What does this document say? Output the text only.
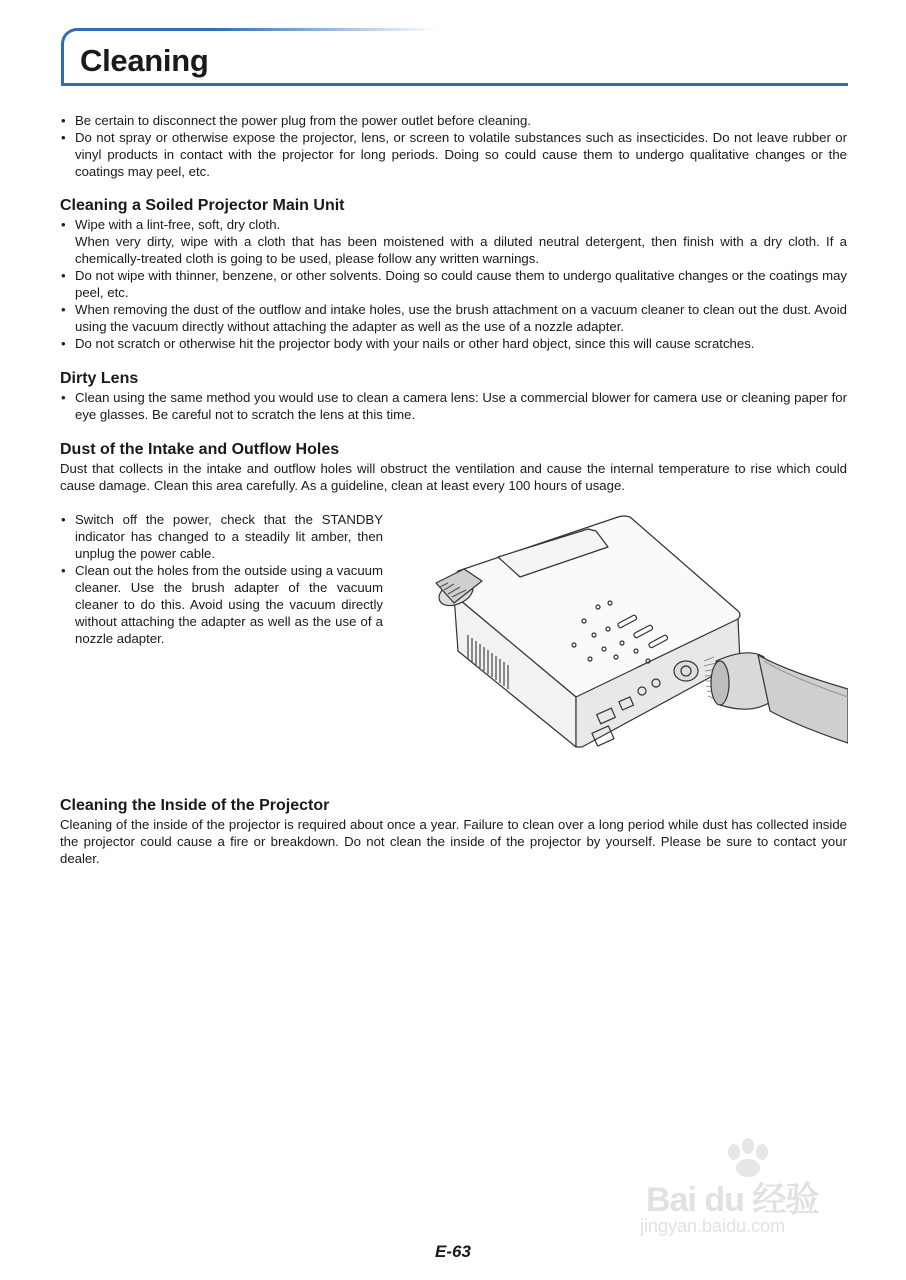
Cleaning
• Be certain to disconnect the power plug from the power outlet before cleaning.
• Do not spray or otherwise expose the projector, lens, or screen to volatile substances such as insecticides. Do not leave rubber or vinyl products in contact with the projector for long periods. Doing so could cause them to undergo qualitative changes or the coatings may peel, etc.
Cleaning a Soiled Projector Main Unit
• Wipe with a lint-free, soft, dry cloth.
When very dirty, wipe with a cloth that has been moistened with a diluted neutral detergent, then finish with a dry cloth. If a chemically-treated cloth is going to be used, please follow any written warnings.
• Do not wipe with thinner, benzene, or other solvents. Doing so could cause them to undergo qualitative changes or the coatings may peel, etc.
• When removing the dust of the outflow and intake holes, use the brush attachment on a vacuum cleaner to clean out the dust. Avoid using the vacuum directly without attaching the adapter as well as the use of a nozzle adapter.
• Do not scratch or otherwise hit the projector body with your nails or other hard object, since this will cause scratches.
Dirty Lens
• Clean using the same method you would use to clean a camera lens: Use a commercial blower for camera use or cleaning paper for eye glasses. Be careful not to scratch the lens at this time.
Dust of the Intake and Outflow Holes

Dust that collects in the intake and outflow holes will obstruct the ventilation and cause the internal temperature to rise which could cause damage. Clean this area carefully. As a guideline, clean at least every 100 hours of usage.

• Switch off the power, check that the STANDBY indicator has changed to a steadily lit amber, then unplug the power cable.
• Clean out the holes from the outside using a vacuum cleaner. Use the brush adapter of the vacuum cleaner to do this. Avoid using the vacuum directly without attaching the adapter as well as the use of a nozzle adapter.
Cleaning the Inside of the Projector

Cleaning of the inside of the projector is required about once a year. Failure to clean over a long period while dust has collected inside the projector could cause a fire or breakdown. Do not clean the inside of the projector by yourself. Please be sure to contact your dealer.

Bai du 经验
jingyan.baidu.com
E-63
